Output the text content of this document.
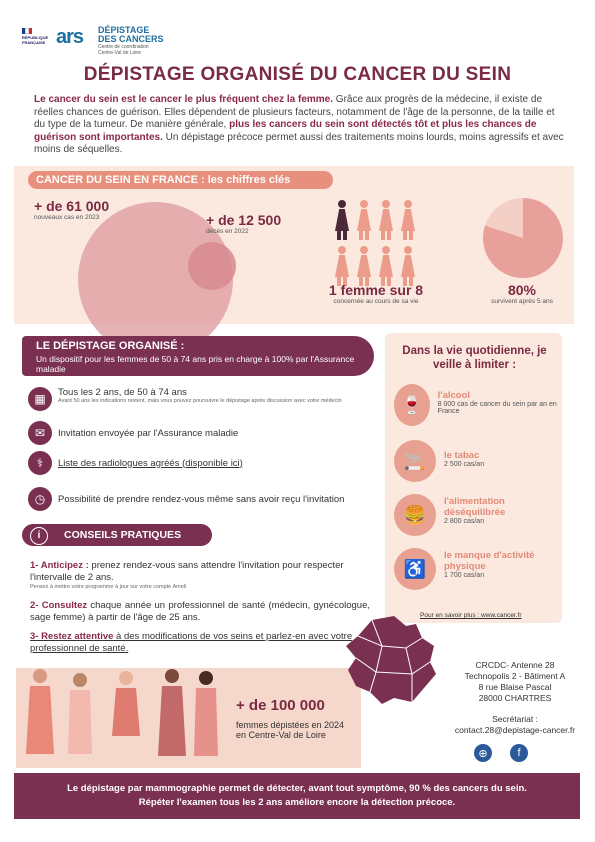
RÉPUBLIQUE FRANÇAISE ars DÉPISTAGE
DES CANCERS
Centre de coordination
Centre-Val de Loire
DÉPISTAGE ORGANISÉ DU CANCER DU SEIN
Le cancer du sein est le cancer le plus fréquent chez la femme. Grâce aux progrès de la médecine, il existe de réelles chances de guérison. Elles dépendent de plusieurs facteurs, notamment de l'âge de la personne, de la taille et du type de la tumeur. De manière générale, plus les cancers du sein sont détectés tôt et plus les chances de guérison sont importantes. Un dépistage précoce permet aussi des traitements moins lourds, moins agressifs et avec moins de séquelles.
CANCER DU SEIN EN FRANCE : les chiffres clés
+ de 61 000
nouveaux cas en 2023	+ de 12 500
décès en 2022
1 femme sur 8
concernée au cours de sa vie
80%
survivent après 5 ans
LE DÉPISTAGE ORGANISÉ :
Un dispositif pour les femmes de 50 à 74 ans pris en charge à 100% par l'Assurance maladie
▦	Tous les 2 ans, de 50 à 74 ans
Avant 50 ans les indications restent, mais vous pouvez poursuivre le dépistage après discussion avec votre médecin
✉	Invitation envoyée par l'Assurance maladie
⚕	Liste des radiologues agréés (disponible ici)
◷	Possibilité de prendre rendez-vous même sans avoir reçu l'invitation
CONSEILS PRATIQUES
i
1- Anticipez : prenez rendez-vous sans attendre l'invitation pour respecter l'intervalle de 2 ans.
Pensez à mettre votre programme à jour sur votre compte Ameli
2- Consultez chaque année un professionnel de santé (médecin, gynécologue, sage femme) à partir de l'âge de 25 ans.
3- Restez attentive à des modifications de vos seins et parlez-en avec votre professionnel de santé.
Dans la vie quotidienne, je veille à limiter :
🍷	l'alcool
8 000 cas de cancer du sein par an en France
🚬	le tabac
2 500 cas/an
🍔
l'alimentation déséquilibrée
2 800 cas/an
♿
le manque d'activité physique
1 700 cas/an
Pour en savoir plus : www.cancer.fr
+ de 100 000
femmes dépistées en 2024
en Centre-Val de Loire
CRCDC- Antenne 28
Technopolis 2 - Bâtiment A
8 rue Blaise Pascal
28000 CHARTRES
Secrétariat :
contact.28@depistage-cancer.fr
⊕	f
Le dépistage par mammographie permet de détecter, avant tout symptôme, 90 % des cancers du sein.
Répéter l'examen tous les 2 ans améliore encore la détection précoce.
